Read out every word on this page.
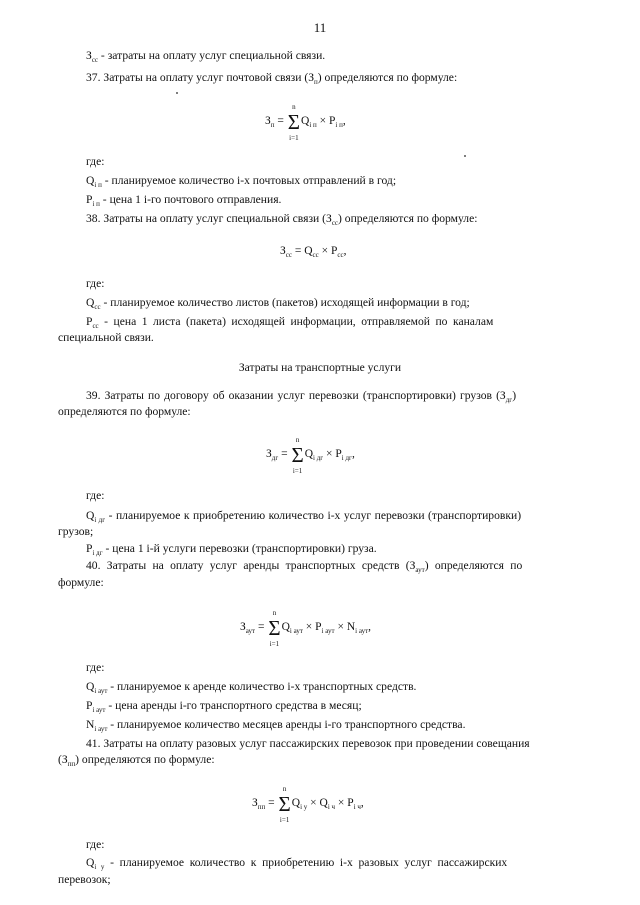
11
$З_{сс}$ - затраты на оплату услуг специальной связи.
37. Затраты на оплату услуг почтовой связи $(З_п)$ определяются по формуле:
$З_п$ =
n
Σ
i=1
$Q_{i п} \times P_{i п}$,
где:
$Q_{i п}$ - планируемое количество i-х почтовых отправлений в год;
$P_{i п}$ - цена 1 i-го почтового отправления.
38. Затраты на оплату услуг специальной связи $(З_{сс})$ определяются по формуле:
$З_{сс} = Q_{сс} \times P_{сс}$,
где:
$Q_{сс}$ - планируемое количество листов (пакетов) исходящей информации в год;
$P_{сс}$ - цена 1 листа (пакета) исходящей информации, отправляемой по каналам
специальной связи.
Затраты на транспортные услуги
39. Затраты по договору об оказании услуг перевозки (транспортировки) грузов $(З_{дг})$
определяются по формуле:
$З_{дг}$ =
n
Σ
i=1
$Q_{i дг} \times P_{i дг}$,
где:
$Q_{i дг}$ - планируемое к приобретению количество i-х услуг перевозки (транспортировки)
грузов;
$P_{i дг}$ - цена 1 i-й услуги перевозки (транспортировки) груза.
40. Затраты на оплату услуг аренды транспортных средств $(З_{аут})$ определяются по
формуле:
$З_{аут}$ =
n
Σ
i=1
$Q_{i аут} \times P_{i аут} \times N_{i аут}$,
где:
$Q_{i аут}$ - планируемое к аренде количество i-х транспортных средств.
$P_{i аут}$ - цена аренды i-го транспортного средства в месяц;
$N_{i аут}$ - планируемое количество месяцев аренды i-го транспортного средства.
41. Затраты на оплату разовых услуг пассажирских перевозок при проведении совещания
$(З_{пп})$ определяются по формуле:
$З_{пп}$ =
n
Σ
i=1
$Q_{i у} \times Q_{i ч} \times P_{i ч}$,
где:
$Q_{i у}$ - планируемое количество к приобретению i-х разовых услуг пассажирских
перевозок;
